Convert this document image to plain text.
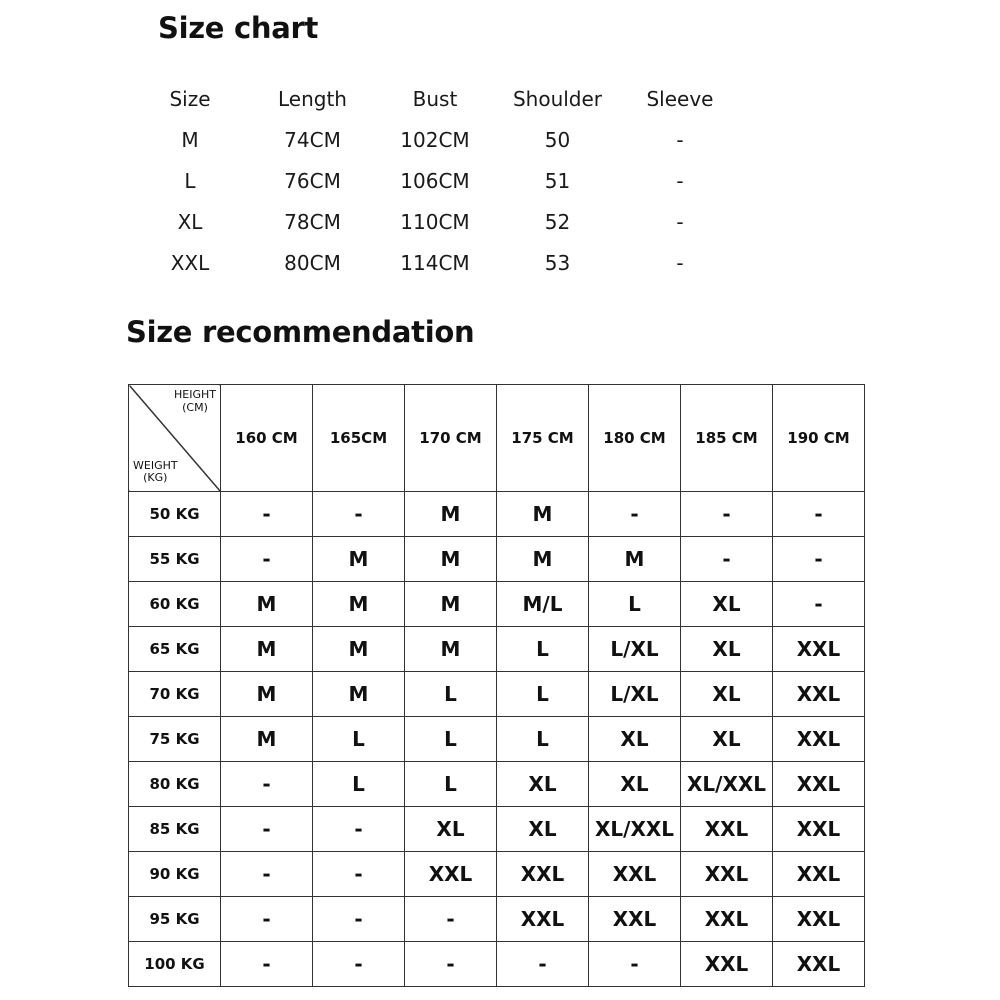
Size chart
Size	Length	Bust	Shoulder	Sleeve
M	74CM	102CM	50	-
L	76CM	106CM	51	-
XL	78CM	110CM	52	-
XXL	80CM	114CM	53	-
Size recommendation
HEIGHT
(CM)
WEIGHT
(KG)	160 CM	165CM	170 CM	175 CM	180 CM	185 CM	190 CM
50 KG	-	-	M	M	-	-	-
55 KG	-	M	M	M	M	-	-
60 KG	M	M	M	M/L	L	XL	-
65 KG	M	M	M	L	L/XL	XL	XXL
70 KG	M	M	L	L	L/XL	XL	XXL
75 KG	M	L	L	L	XL	XL	XXL
80 KG	-	L	L	XL	XL	XL/XXL	XXL
85 KG	-	-	XL	XL	XL/XXL	XXL	XXL
90 KG	-	-	XXL	XXL	XXL	XXL	XXL
95 KG	-	-	-	XXL	XXL	XXL	XXL
100 KG	-	-	-	-	-	XXL	XXL
